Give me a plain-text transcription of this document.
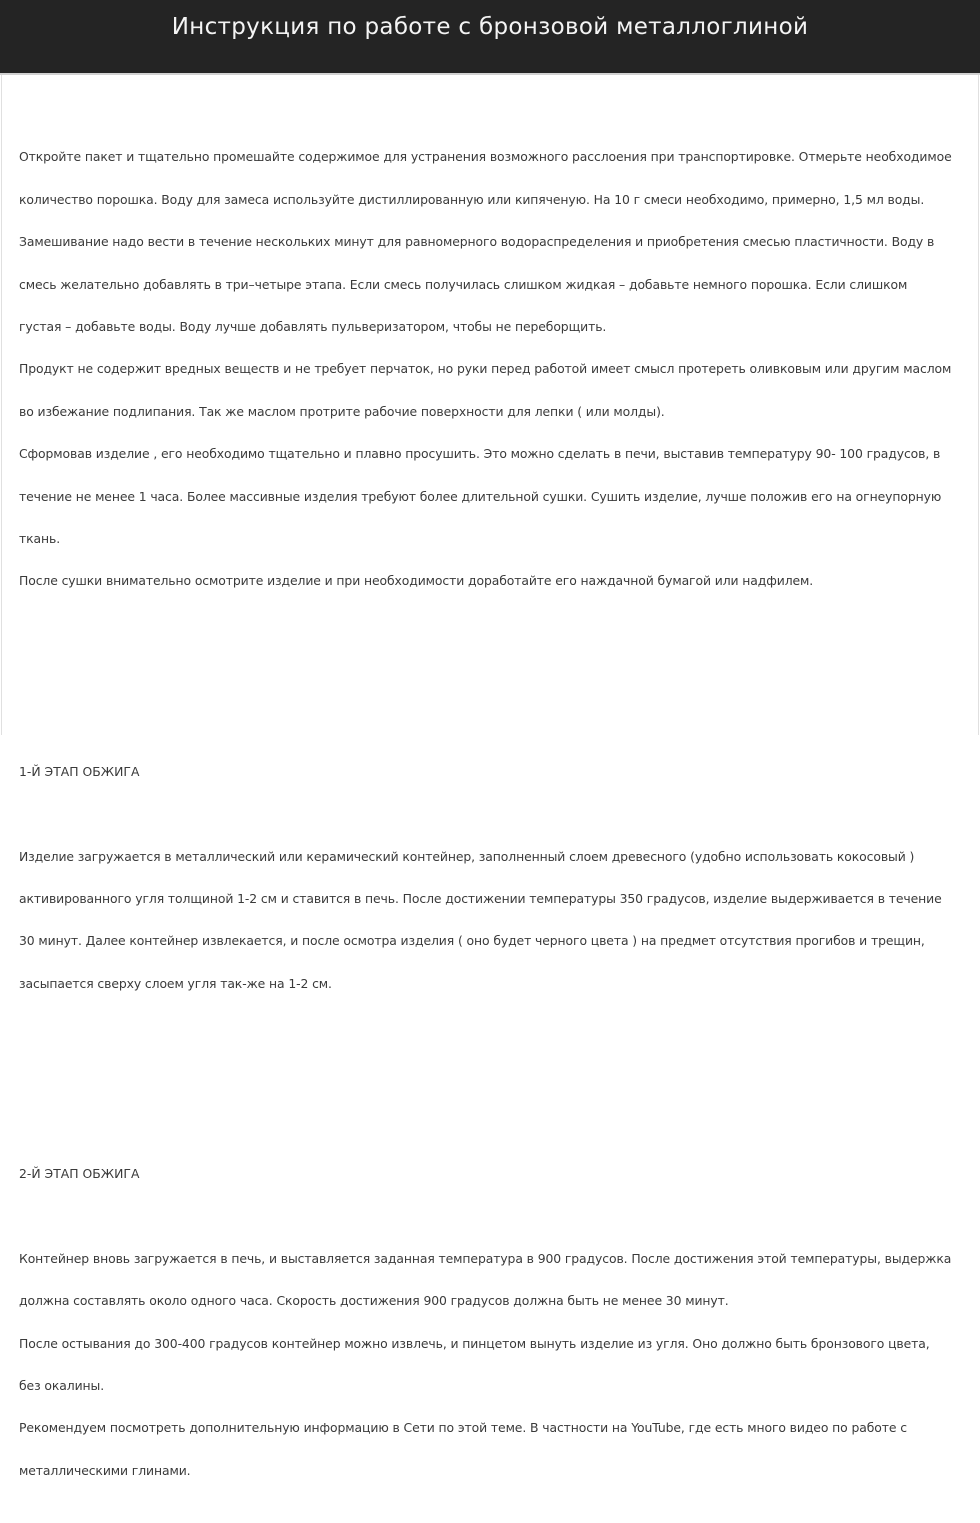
Инструкция по работе с бронзовой металлоглиной

Откройте пакет и тщательно промешайте содержимое для устранения возможного расслоения при транспортировке. Отмерьте необходимое

количество порошка. Воду для замеса используйте дистиллированную или кипяченую. На 10 г смеси необходимо, примерно, 1,5 мл воды.

Замешивание надо вести в течение нескольких минут для равномерного водораспределения и приобретения смесью пластичности. Воду в

смесь желательно добавлять в три–четыре этапа. Если смесь получилась слишком жидкая – добавьте немного порошка. Если слишком

густая – добавьте воды. Воду лучше добавлять пульверизатором, чтобы не переборщить.

Продукт не содержит вредных веществ и не требует перчаток, но руки перед работой имеет смысл протереть оливковым или другим маслом

во избежание подлипания. Так же маслом протрите рабочие поверхности для лепки ( или молды).

Сформовав изделие , его необходимо тщательно и плавно просушить. Это можно сделать в печи, выставив температуру 90- 100 градусов, в

течение не менее 1 часа. Более массивные изделия требуют более длительной сушки. Сушить изделие, лучше положив его на огнеупорную

ткань.

После сушки внимательно осмотрите изделие и при необходимости доработайте его наждачной бумагой или надфилем.

1-Й ЭТАП ОБЖИГА

Изделие загружается в металлический или керамический контейнер, заполненный слоем древесного (удобно использовать кокосовый )

активированного угля толщиной 1-2 см и ставится в печь. После достижении температуры 350 градусов, изделие выдерживается в течение

30 минут. Далее контейнер извлекается, и после осмотра изделия ( оно будет черного цвета ) на предмет отсутствия прогибов и трещин,

засыпается сверху слоем угля так-же на 1-2 см.

2-Й ЭТАП ОБЖИГА

Контейнер вновь загружается в печь, и выставляется заданная температура в 900 градусов. После достижения этой температуры, выдержка

должна составлять около одного часа. Скорость достижения 900 градусов должна быть не менее 30 минут.

После остывания до 300-400 градусов контейнер можно извлечь, и пинцетом вынуть изделие из угля. Оно должно быть бронзового цвета,

без окалины.

Рекомендуем посмотреть дополнительную информацию в Сети по этой теме. В частности на YouTube, где есть много видео по работе с

металлическими глинами.
